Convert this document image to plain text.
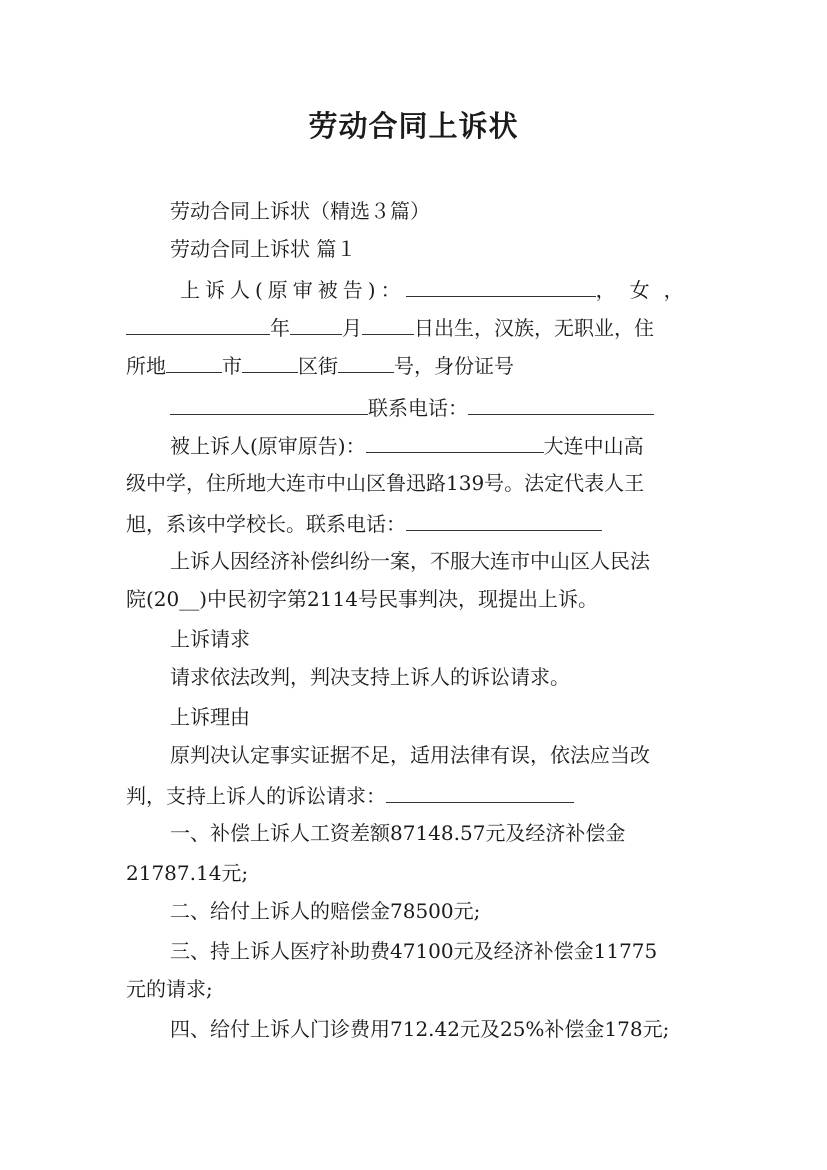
劳动合同上诉状
劳动合同上诉状（精选３篇）
劳动合同上诉状 篇１
上诉人(原审被告)：	，女，
年	月	日出生，汉族，无职业，住
所地	市	区街	号，身份证号
联系电话：
被上诉人(原审原告)：	大连中山高
级中学，住所地大连市中山区鲁迅路139号。法定代表人王
旭，系该中学校长。联系电话：
上诉人因经济补偿纠纷一案，不服大连市中山区人民法
院(20__)中民初字第2114号民事判决，现提出上诉。
上诉请求
请求依法改判，判决支持上诉人的诉讼请求。
上诉理由
原判决认定事实证据不足，适用法律有误，依法应当改
判，支持上诉人的诉讼请求：
一、补偿上诉人工资差额87148.57元及经济补偿金
21787.14元;
二、给付上诉人的赔偿金78500元;
三、持上诉人医疗补助费47100元及经济补偿金11775
元的请求;
四、给付上诉人门诊费用712.42元及25%补偿金178元;
